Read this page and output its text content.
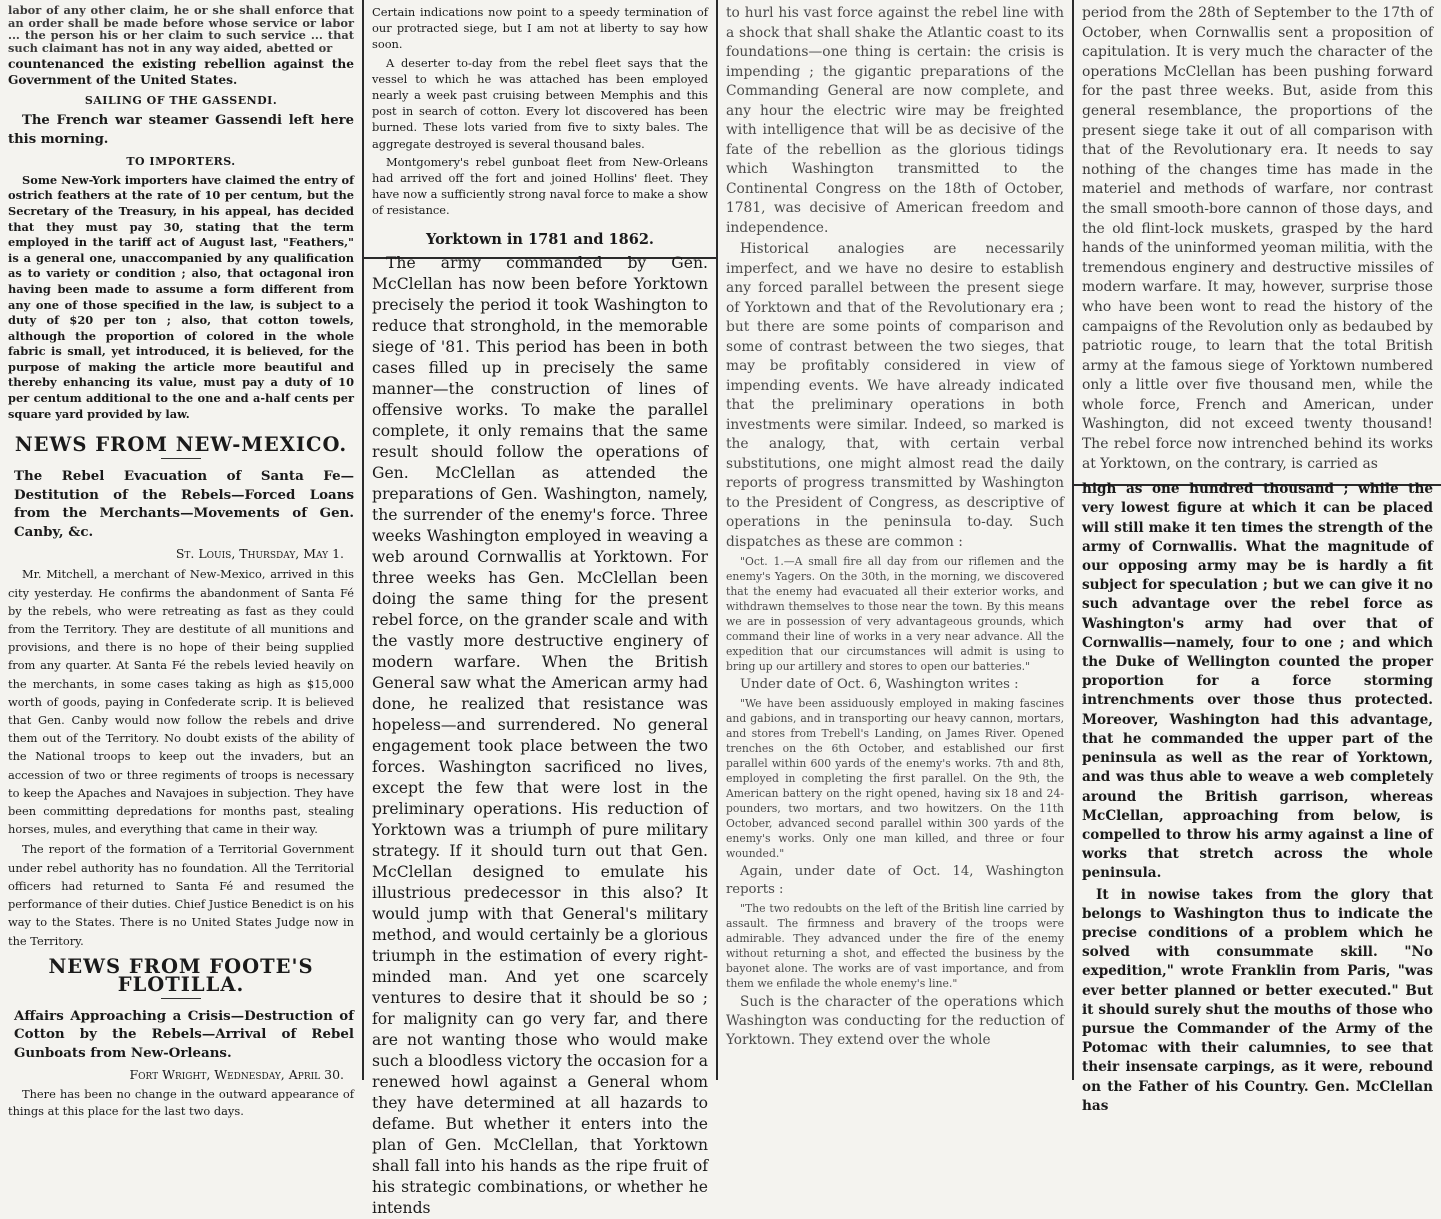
labor of any other claim, he or she shall enforce that an order shall be made before whose service or labor ... the person his or her claim to such service ... that such claimant has not in any way aided, abetted or

countenanced the existing rebellion against the Government of the United States.

SAILING OF THE GASSENDI.

The French war steamer Gassendi left here this morning.

TO IMPORTERS.

Some New-York importers have claimed the entry of ostrich feathers at the rate of 10 per centum, but the Secretary of the Treasury, in his appeal, has decided that they must pay 30, stating that the term employed in the tariff act of August last, "Feathers," is a general one, unaccompanied by any qualification as to variety or condition ; also, that octagonal iron having been made to assume a form different from any one of those specified in the law, is subject to a duty of $20 per ton ; also, that cotton towels, although the proportion of colored in the whole fabric is small, yet introduced, it is believed, for the purpose of making the article more beautiful and thereby enhancing its value, must pay a duty of 10 per centum additional to the one and a-half cents per square yard provided by law.

NEWS FROM NEW-MEXICO.
The Rebel Evacuation of Santa Fe—Destitution of the Rebels—Forced Loans from the Merchants—Movements of Gen. Canby, &c.
St. Louis, Thursday, May 1.

Mr. Mitchell, a merchant of New-Mexico, arrived in this city yesterday. He confirms the abandonment of Santa Fé by the rebels, who were retreating as fast as they could from the Territory. They are destitute of all munitions and provisions, and there is no hope of their being supplied from any quarter. At Santa Fé the rebels levied heavily on the merchants, in some cases taking as high as $15,000 worth of goods, paying in Confederate scrip. It is believed that Gen. Canby would now follow the rebels and drive them out of the Territory. No doubt exists of the ability of the National troops to keep out the invaders, but an accession of two or three regiments of troops is necessary to keep the Apaches and Navajoes in subjection. They have been committing depredations for months past, stealing horses, mules, and everything that came in their way.

The report of the formation of a Territorial Government under rebel authority has no foundation. All the Territorial officers had returned to Santa Fé and resumed the performance of their duties. Chief Justice Benedict is on his way to the States. There is no United States Judge now in the Territory.

NEWS FROM FOOTE'S FLOTILLA.
Affairs Approaching a Crisis—Destruction of Cotton by the Rebels—Arrival of Rebel Gunboats from New-Orleans.
Fort Wright, Wednesday, April 30.

There has been no change in the outward appearance of things at this place for the last two days.

Certain indications now point to a speedy termination of our protracted siege, but I am not at liberty to say how soon.

A deserter to-day from the rebel fleet says that the vessel to which he was attached has been employed nearly a week past cruising between Memphis and this post in search of cotton. Every lot discovered has been burned. These lots varied from five to sixty bales. The aggregate destroyed is several thousand bales.

Montgomery's rebel gunboat fleet from New-Orleans had arrived off the fort and joined Hollins' fleet. They have now a sufficiently strong naval force to make a show of resistance.

Yorktown in 1781 and 1862.

The army commanded by Gen. McClellan has now been before Yorktown precisely the period it took Washington to reduce that stronghold, in the memorable siege of '81. This period has been in both cases filled up in precisely the same manner—the construction of lines of offensive works. To make the parallel complete, it only remains that the same result should follow the operations of Gen. McClellan as attended the preparations of Gen. Washington, namely, the surrender of the enemy's force. Three weeks Washington employed in weaving a web around Cornwallis at Yorktown. For three weeks has Gen. McClellan been doing the same thing for the present rebel force, on the grander scale and with the vastly more destructive enginery of modern warfare. When the British General saw what the American army had done, he realized that resistance was hopeless—and surrendered. No general engagement took place between the two forces. Washington sacrificed no lives, except the few that were lost in the preliminary operations. His reduction of Yorktown was a triumph of pure military strategy. If it should turn out that Gen. McClellan designed to emulate his illustrious predecessor in this also? It would jump with that General's military method, and would certainly be a glorious triumph in the estimation of every right-minded man. And yet one scarcely ventures to desire that it should be so ; for malignity can go very far, and there are not wanting those who would make such a bloodless victory the occasion for a renewed howl against a General whom they have determined at all hazards to defame. But whether it enters into the plan of Gen. McClellan, that Yorktown shall fall into his hands as the ripe fruit of his strategic combinations, or whether he intends

to hurl his vast force against the rebel line with a shock that shall shake the Atlantic coast to its foundations—one thing is certain: the crisis is impending ; the gigantic preparations of the Commanding General are now complete, and any hour the electric wire may be freighted with intelligence that will be as decisive of the fate of the rebellion as the glorious tidings which Washington transmitted to the Continental Congress on the 18th of October, 1781, was decisive of American freedom and independence.

Historical analogies are necessarily imperfect, and we have no desire to establish any forced parallel between the present siege of Yorktown and that of the Revolutionary era ; but there are some points of comparison and some of contrast between the two sieges, that may be profitably considered in view of impending events. We have already indicated that the preliminary operations in both investments were similar. Indeed, so marked is the analogy, that, with certain verbal substitutions, one might almost read the daily reports of progress transmitted by Washington to the President of Congress, as descriptive of operations in the peninsula to-day. Such dispatches as these are common :

"Oct. 1.—A small fire all day from our riflemen and the enemy's Yagers. On the 30th, in the morning, we discovered that the enemy had evacuated all their exterior works, and withdrawn themselves to those near the town. By this means we are in possession of very advantageous grounds, which command their line of works in a very near advance. All the expedition that our circumstances will admit is using to bring up our artillery and stores to open our batteries."

Under date of Oct. 6, Washington writes :

"We have been assiduously employed in making fascines and gabions, and in transporting our heavy cannon, mortars, and stores from Trebell's Landing, on James River. Opened trenches on the 6th October, and established our first parallel within 600 yards of the enemy's works. 7th and 8th, employed in completing the first parallel. On the 9th, the American battery on the right opened, having six 18 and 24-pounders, two mortars, and two howitzers. On the 11th October, advanced second parallel within 300 yards of the enemy's works. Only one man killed, and three or four wounded."

Again, under date of Oct. 14, Washington reports :

"The two redoubts on the left of the British line carried by assault. The firmness and bravery of the troops were admirable. They advanced under the fire of the enemy without returning a shot, and effected the business by the bayonet alone. The works are of vast importance, and from them we enfilade the whole enemy's line."

Such is the character of the operations which Washington was conducting for the reduction of Yorktown. They extend over the whole

period from the 28th of September to the 17th of October, when Cornwallis sent a proposition of capitulation. It is very much the character of the operations McClellan has been pushing forward for the past three weeks. But, aside from this general resemblance, the proportions of the present siege take it out of all comparison with that of the Revolutionary era. It needs to say nothing of the changes time has made in the materiel and methods of warfare, nor contrast the small smooth-bore cannon of those days, and the old flint-lock muskets, grasped by the hard hands of the uninformed yeoman militia, with the tremendous enginery and destructive missiles of modern warfare. It may, however, surprise those who have been wont to read the history of the campaigns of the Revolution only as bedaubed by patriotic rouge, to learn that the total British army at the famous siege of Yorktown numbered only a little over five thousand men, while the whole force, French and American, under Washington, did not exceed twenty thousand! The rebel force now intrenched behind its works at Yorktown, on the contrary, is carried as

high as one hundred thousand ; while the very lowest figure at which it can be placed will still make it ten times the strength of the army of Cornwallis. What the magnitude of our opposing army may be is hardly a fit subject for speculation ; but we can give it no such advantage over the rebel force as Washington's army had over that of Cornwallis—namely, four to one ; and which the Duke of Wellington counted the proper proportion for a force storming intrenchments over those thus protected. Moreover, Washington had this advantage, that he commanded the upper part of the peninsula as well as the rear of Yorktown, and was thus able to weave a web completely around the British garrison, whereas McClellan, approaching from below, is compelled to throw his army against a line of works that stretch across the whole peninsula.

It in nowise takes from the glory that belongs to Washington thus to indicate the precise conditions of a problem which he solved with consummate skill. "No expedition," wrote Franklin from Paris, "was ever better planned or better executed." But it should surely shut the mouths of those who pursue the Commander of the Army of the Potomac with their calumnies, to see that their insensate carpings, as it were, rebound on the Father of his Country. Gen. McClellan has
